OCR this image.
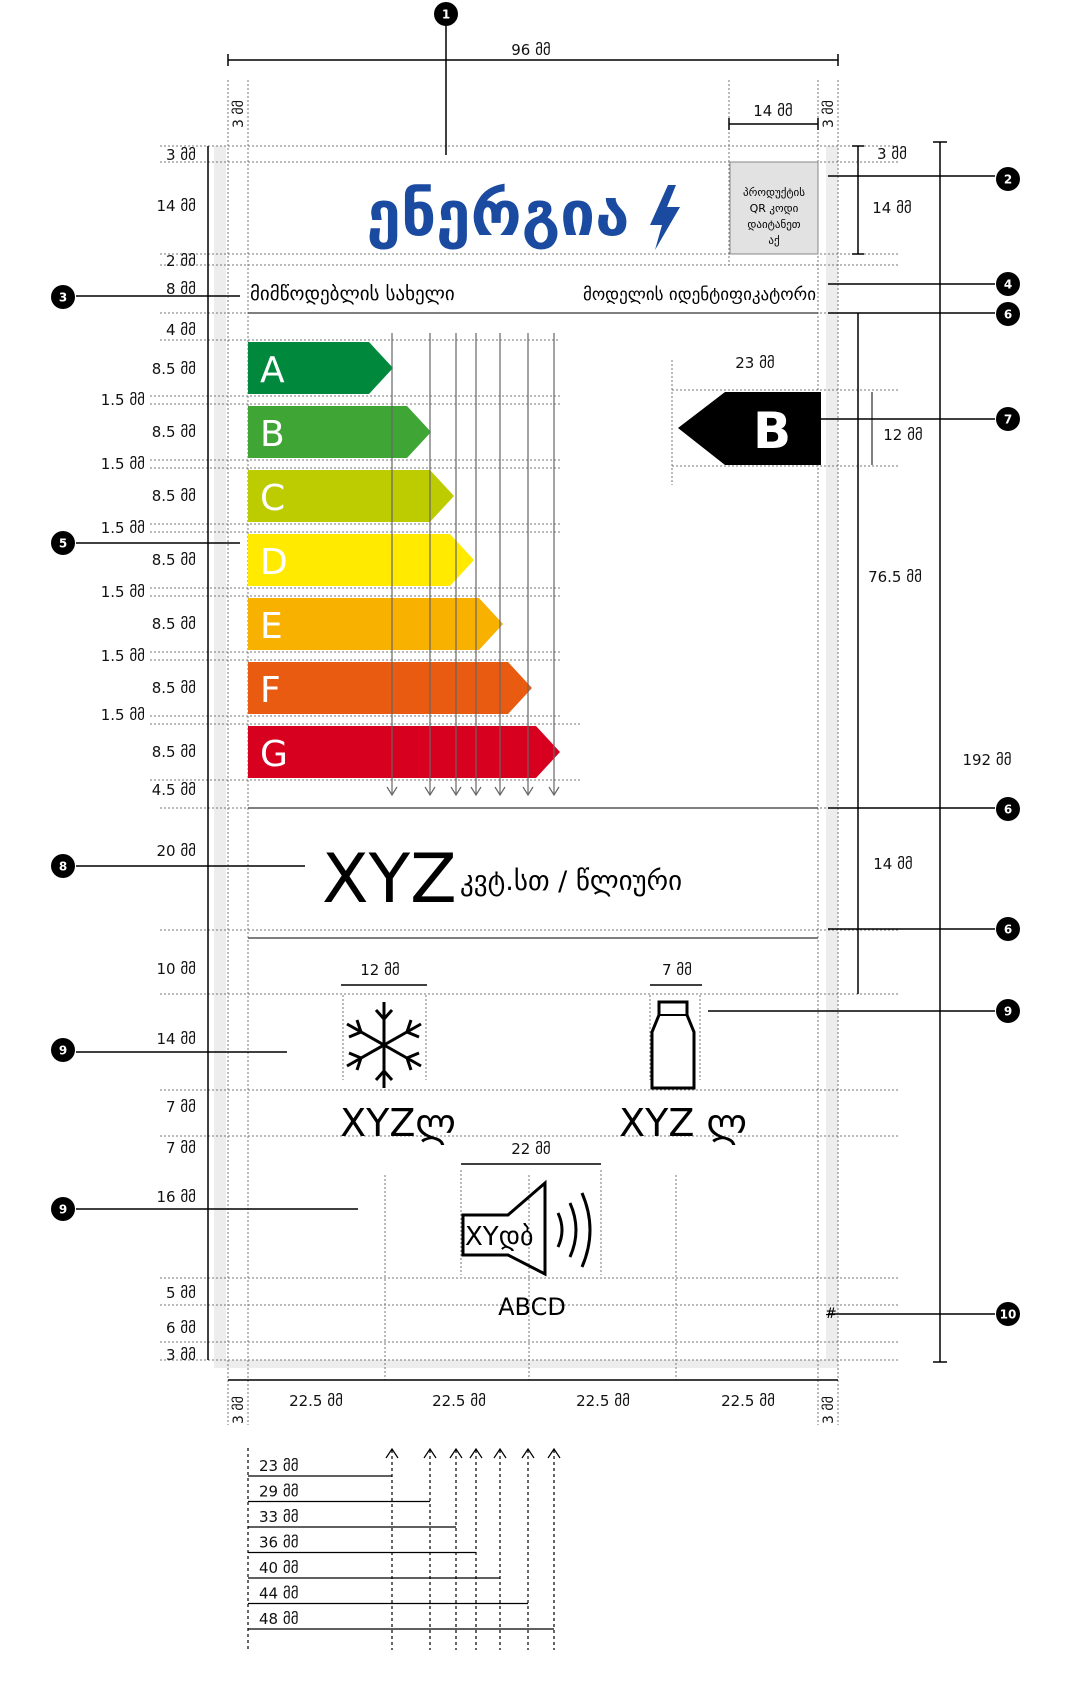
96 მმ
14 მმ
3 მმ	3 მმ
3 მმ	3 მმ
3 მმ
14 მმ
2 მმ
8 მმ
4 მმ
8.5 მმ
1.5 მმ
8.5 მმ
1.5 მმ
8.5 მმ
1.5 მმ
8.5 მმ
1.5 მმ
8.5 მმ
1.5 მმ
8.5 მმ
1.5 მმ
8.5 მმ
4.5 მმ
20 მმ
10 მმ
14 მმ
7 მმ
7 მმ
16 მმ
5 მმ
6 მმ
3 მმ
3 მმ
14 მმ
76.5 მმ
14 მმ
192 მმ
ენერგია	პროდუქტის
QR კოდი
დაიტანეთ
აქ
მიმწოდებლის სახელი	მოდელის იდენტიფიკატორი
A
B
C
D
E
F
G
23 მმ
29 მმ
33 მმ
36 მმ
40 მმ
44 მმ
48 მმ
B
23 მმ
12 მმ
XYZ კვტ.სთ / წლიური
12 მმ
XYZლ
7 მმ
XYZ ლ
22 მმ
XYდბ
ABCD	#
22.5 მმ	22.5 მმ	22.5 მმ	22.5 მმ
1
2
3
4
5
6
7
6
8
6
9
9
9
10
